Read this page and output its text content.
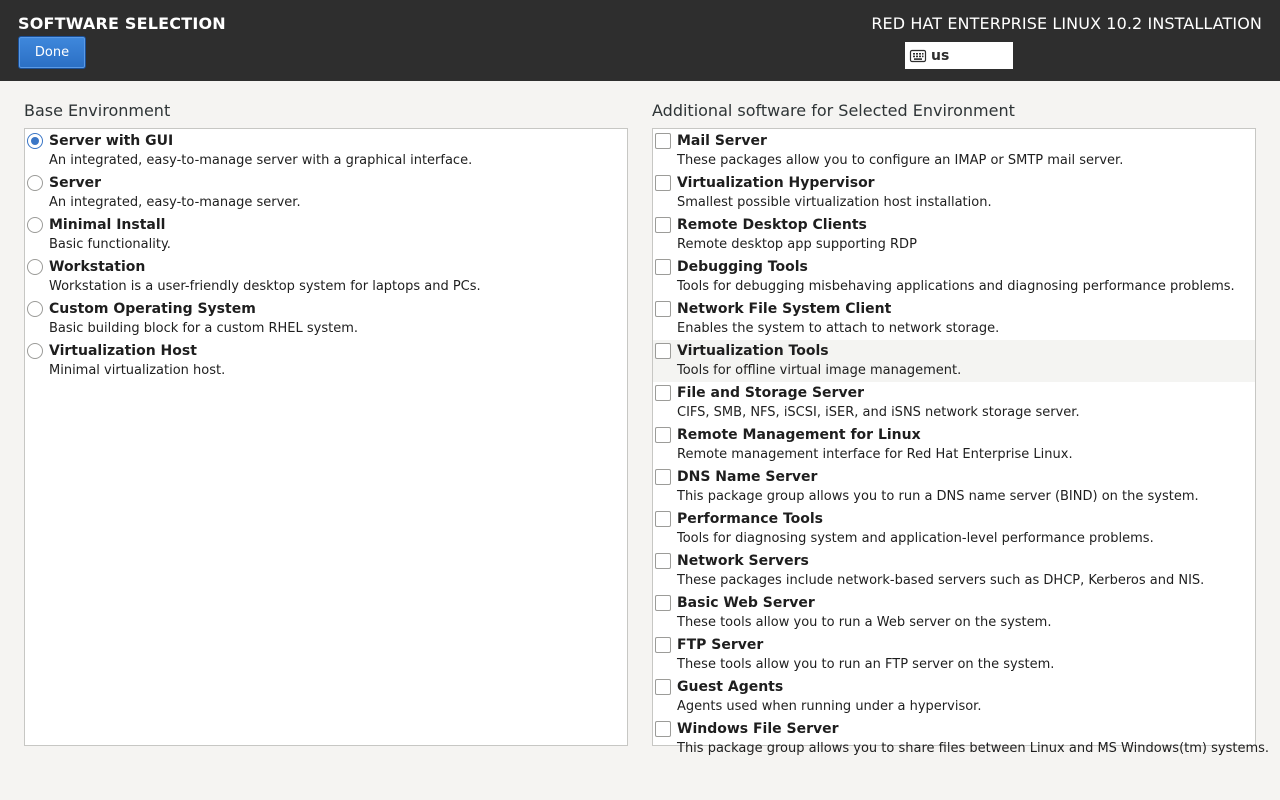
SOFTWARE SELECTION
Done
RED HAT ENTERPRISE LINUX 10.2 INSTALLATION
us
Base Environment	Additional software for Selected Environment
Server with GUI
An integrated, easy-to-manage server with a graphical interface.
Server
An integrated, easy-to-manage server.
Minimal Install
Basic functionality.
Workstation
Workstation is a user-friendly desktop system for laptops and PCs.
Custom Operating System
Basic building block for a custom RHEL system.
Virtualization Host
Minimal virtualization host.
Mail Server
These packages allow you to configure an IMAP or SMTP mail server.
Virtualization Hypervisor
Smallest possible virtualization host installation.
Remote Desktop Clients
Remote desktop app supporting RDP
Debugging Tools
Tools for debugging misbehaving applications and diagnosing performance problems.
Network File System Client
Enables the system to attach to network storage.
Virtualization Tools
Tools for offline virtual image management.
File and Storage Server
CIFS, SMB, NFS, iSCSI, iSER, and iSNS network storage server.
Remote Management for Linux
Remote management interface for Red Hat Enterprise Linux.
DNS Name Server
This package group allows you to run a DNS name server (BIND) on the system.
Performance Tools
Tools for diagnosing system and application-level performance problems.
Network Servers
These packages include network-based servers such as DHCP, Kerberos and NIS.
Basic Web Server
These tools allow you to run a Web server on the system.
FTP Server
These tools allow you to run an FTP server on the system.
Guest Agents
Agents used when running under a hypervisor.
Windows File Server
This package group allows you to share files between Linux and MS Windows(tm) systems.
